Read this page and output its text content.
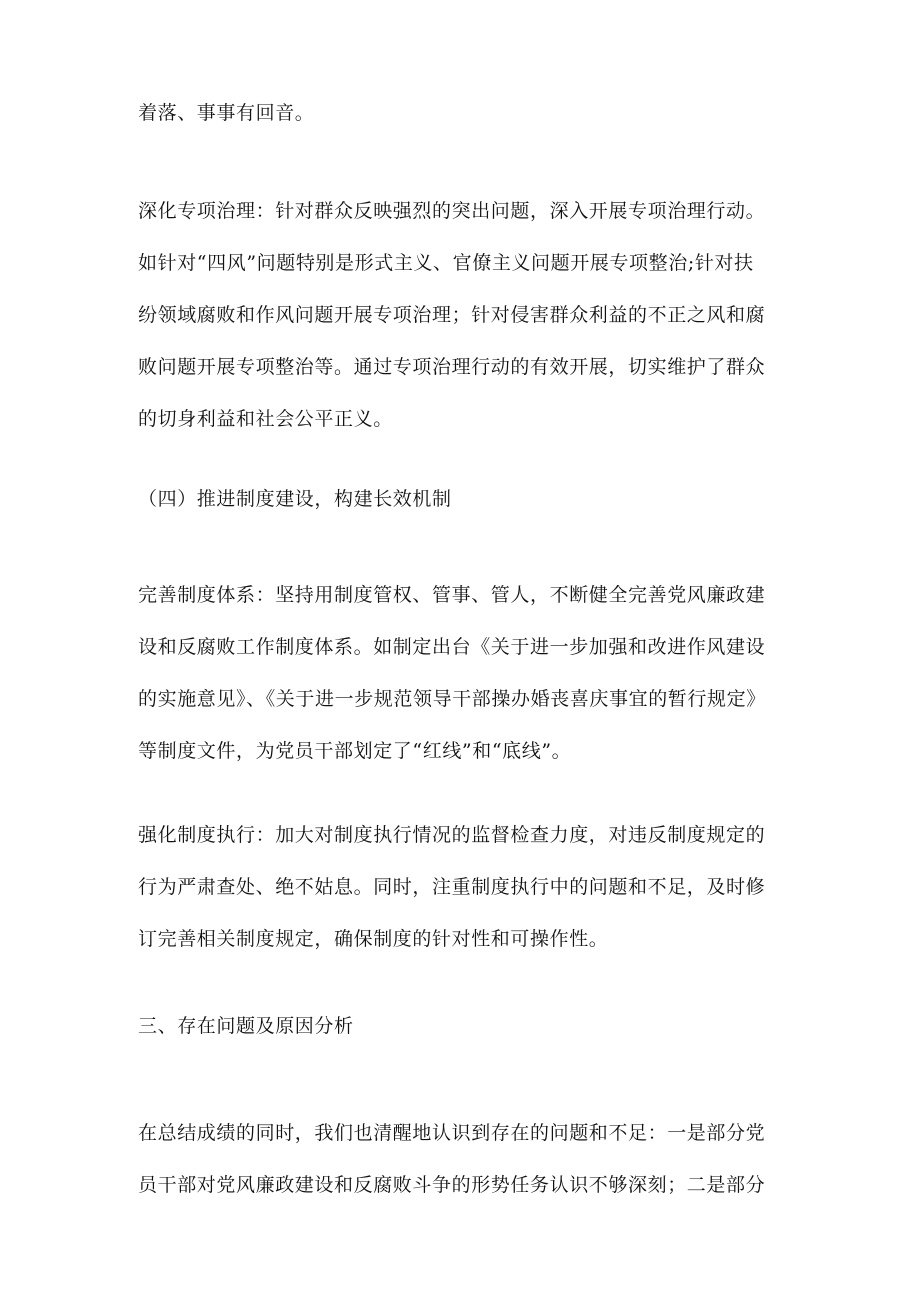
着落、事事有回音。
深化专项治理：针对群众反映强烈的突出问题，深入开展专项治理行动。
如针对“四风”问题特别是形式主义、官僚主义问题开展专项整治;针对扶
纷领域腐败和作风问题开展专项治理；针对侵害群众利益的不正之风和腐
败问题开展专项整治等。通过专项治理行动的有效开展，切实维护了群众
的切身利益和社会公平正义。
（四）推进制度建设，构建长效机制
完善制度体系：坚持用制度管权、管事、管人，不断健全完善党风廉政建
设和反腐败工作制度体系。如制定出台《关于进一步加强和改进作风建设
的实施意见》、《关于进一步规范领导干部操办婚丧喜庆事宜的暂行规定》
等制度文件，为党员干部划定了“红线”和“底线”。
强化制度执行：加大对制度执行情况的监督检查力度，对违反制度规定的
行为严肃查处、绝不姑息。同时，注重制度执行中的问题和不足，及时修
订完善相关制度规定，确保制度的针对性和可操作性。
三、存在问题及原因分析
在总结成绩的同时，我们也清醒地认识到存在的问题和不足：一是部分党
员干部对党风廉政建设和反腐败斗争的形势任务认识不够深刻；二是部分
